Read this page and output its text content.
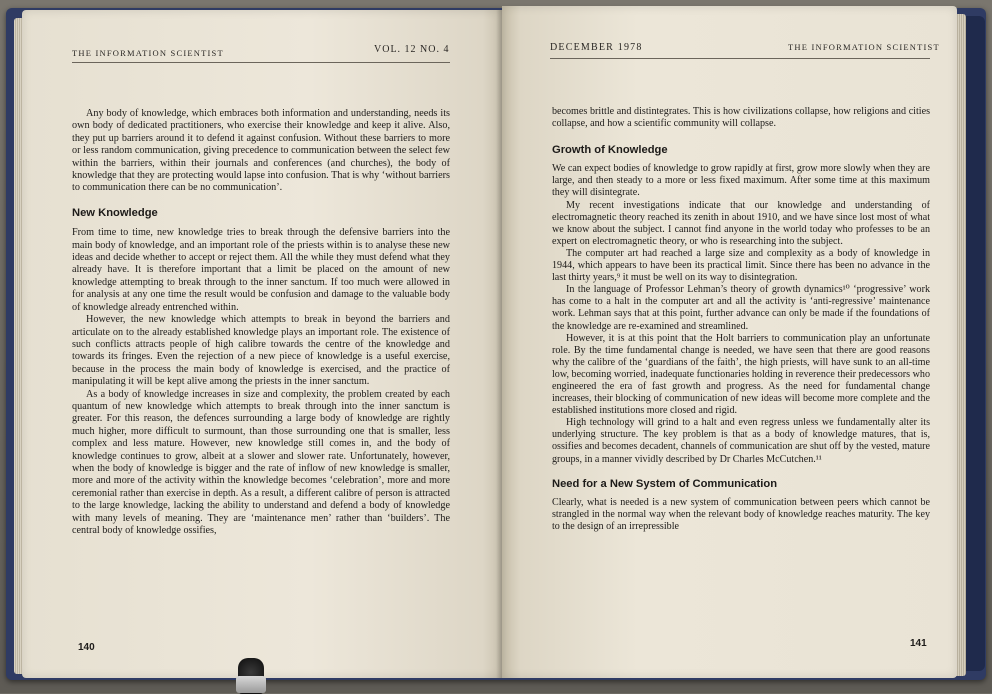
THE INFORMATION SCIENTIST	VOL. 12 NO. 4

Any body of knowledge, which embraces both information and understanding, needs its own body of dedicated practitioners, who exercise their knowledge and keep it alive. Also, they put up barriers around it to defend it against confusion. Without these barriers to more or less random communication, giving precedence to communication between the select few within the barriers, within their journals and conferences (and churches), the body of knowledge that they are protecting would lapse into confusion. That is why ‘without barriers to communication there can be no communication’.

New Knowledge

From time to time, new knowledge tries to break through the defensive barriers into the main body of knowledge, and an important role of the priests within is to analyse these new ideas and decide whether to accept or reject them. All the while they must defend what they already have. It is therefore important that a limit be placed on the amount of new knowledge attempting to break through to the inner sanctum. If too much were allowed in for analysis at any one time the result would be confusion and damage to the valuable body of knowledge already entrenched within.

However, the new knowledge which attempts to break in beyond the barriers and articulate on to the already established knowledge plays an important role. The existence of such conflicts attracts people of high calibre towards the centre of the knowledge and towards its fringes. Even the rejection of a new piece of knowledge is a useful exercise, because in the process the main body of knowledge is exercised, and the practice of manipulating it will be kept alive among the priests in the inner sanctum.

As a body of knowledge increases in size and complexity, the problem created by each quantum of new knowledge which attempts to break through into the inner sanctum is greater. For this reason, the defences surrounding a large body of knowledge are rightly much higher, more difficult to surmount, than those surrounding one that is smaller, less complex and less mature. However, new knowledge still comes in, and the body of knowledge continues to grow, albeit at a slower and slower rate. Unfortunately, however, when the body of knowledge is bigger and the rate of inflow of new knowledge is smaller, more and more of the activity within the knowledge becomes ‘celebration’, more and more ceremonial rather than exercise in depth. As a result, a different calibre of person is attracted to the large knowledge, lacking the ability to understand and defend a body of knowledge with many levels of meaning. They are ‘maintenance men’ rather than ‘builders’. The central body of knowledge ossifies,

140
DECEMBER 1978	THE INFORMATION SCIENTIST

becomes brittle and distintegrates. This is how civilizations collapse, how religions and cities collapse, and how a scientific community will collapse.

Growth of Knowledge

We can expect bodies of knowledge to grow rapidly at first, grow more slowly when they are large, and then steady to a more or less fixed maximum. After some time at this maximum they will disintegrate.

My recent investigations indicate that our knowledge and understanding of electromagnetic theory reached its zenith in about 1910, and we have since lost most of what we know about the subject. I cannot find anyone in the world today who professes to be an expert on electromagnetic theory, or who is researching into the subject.

The computer art had reached a large size and complexity as a body of knowledge in 1944, which appears to have been its practical limit. Since there has been no advance in the last thirty years,⁹ it must be well on its way to disintegration.

In the language of Professor Lehman’s theory of growth dynamics¹⁰ ‘progressive’ work has come to a halt in the computer art and all the activity is ‘anti-regressive’ maintenance work. Lehman says that at this point, further advance can only be made if the foundations of the knowledge are re-examined and streamlined.

However, it is at this point that the Holt barriers to communication play an unfortunate role. By the time fundamental change is needed, we have seen that there are good reasons why the calibre of the ‘guardians of the faith’, the high priests, will have sunk to an all-time low, becoming worried, inadequate functionaries holding in reverence their predecessors who engineered the era of fast growth and progress. As the need for fundamental change increases, their blocking of communication of new ideas will become more complete and the established institutions more closed and rigid.

High technology will grind to a halt and even regress unless we fundamentally alter its underlying structure. The key problem is that as a body of knowledge matures, that is, ossifies and becomes decadent, channels of communication are shut off by the vested, mature groups, in a manner vividly described by Dr Charles McCutchen.¹¹

Need for a New System of Communication

Clearly, what is needed is a new system of communication between peers which cannot be strangled in the normal way when the relevant body of knowledge reaches maturity. The key to the design of an irrepressible

141
